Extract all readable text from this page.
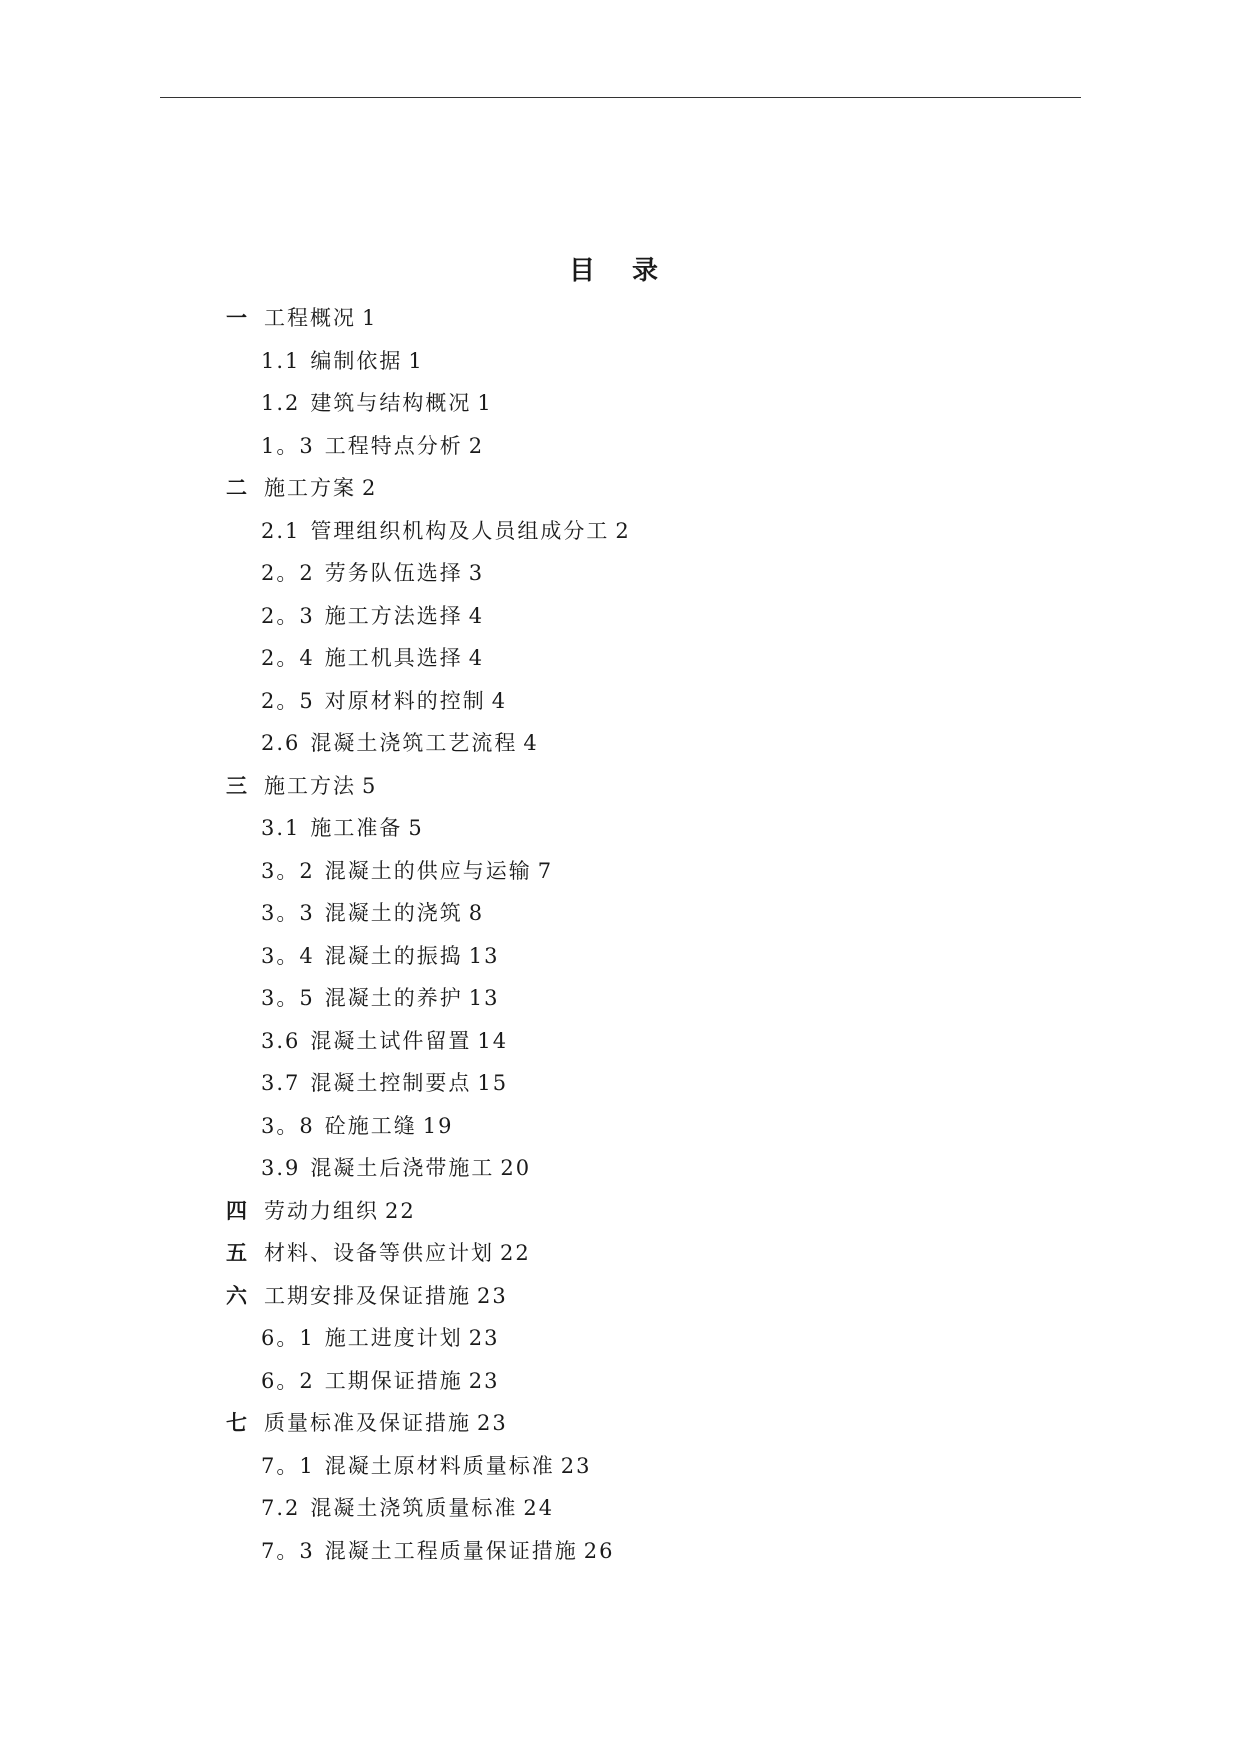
目 录
一 工程概况 1
1.1 编制依据 1
1.2 建筑与结构概况 1
1。3 工程特点分析 2
二 施工方案 2
2.1 管理组织机构及人员组成分工 2
2。2 劳务队伍选择 3
2。3 施工方法选择 4
2。4 施工机具选择 4
2。5 对原材料的控制 4
2.6 混凝土浇筑工艺流程 4
三 施工方法 5
3.1 施工准备 5
3。2 混凝土的供应与运输 7
3。3 混凝土的浇筑 8
3。4 混凝土的振捣 13
3。5 混凝土的养护 13
3.6 混凝土试件留置 14
3.7 混凝土控制要点 15
3。8 砼施工缝 19
3.9 混凝土后浇带施工 20
四 劳动力组织 22
五 材料、设备等供应计划 22
六 工期安排及保证措施 23
6。1 施工进度计划 23
6。2 工期保证措施 23
七 质量标准及保证措施 23
7。1 混凝土原材料质量标准 23
7.2 混凝土浇筑质量标准 24
7。3 混凝土工程质量保证措施 26
